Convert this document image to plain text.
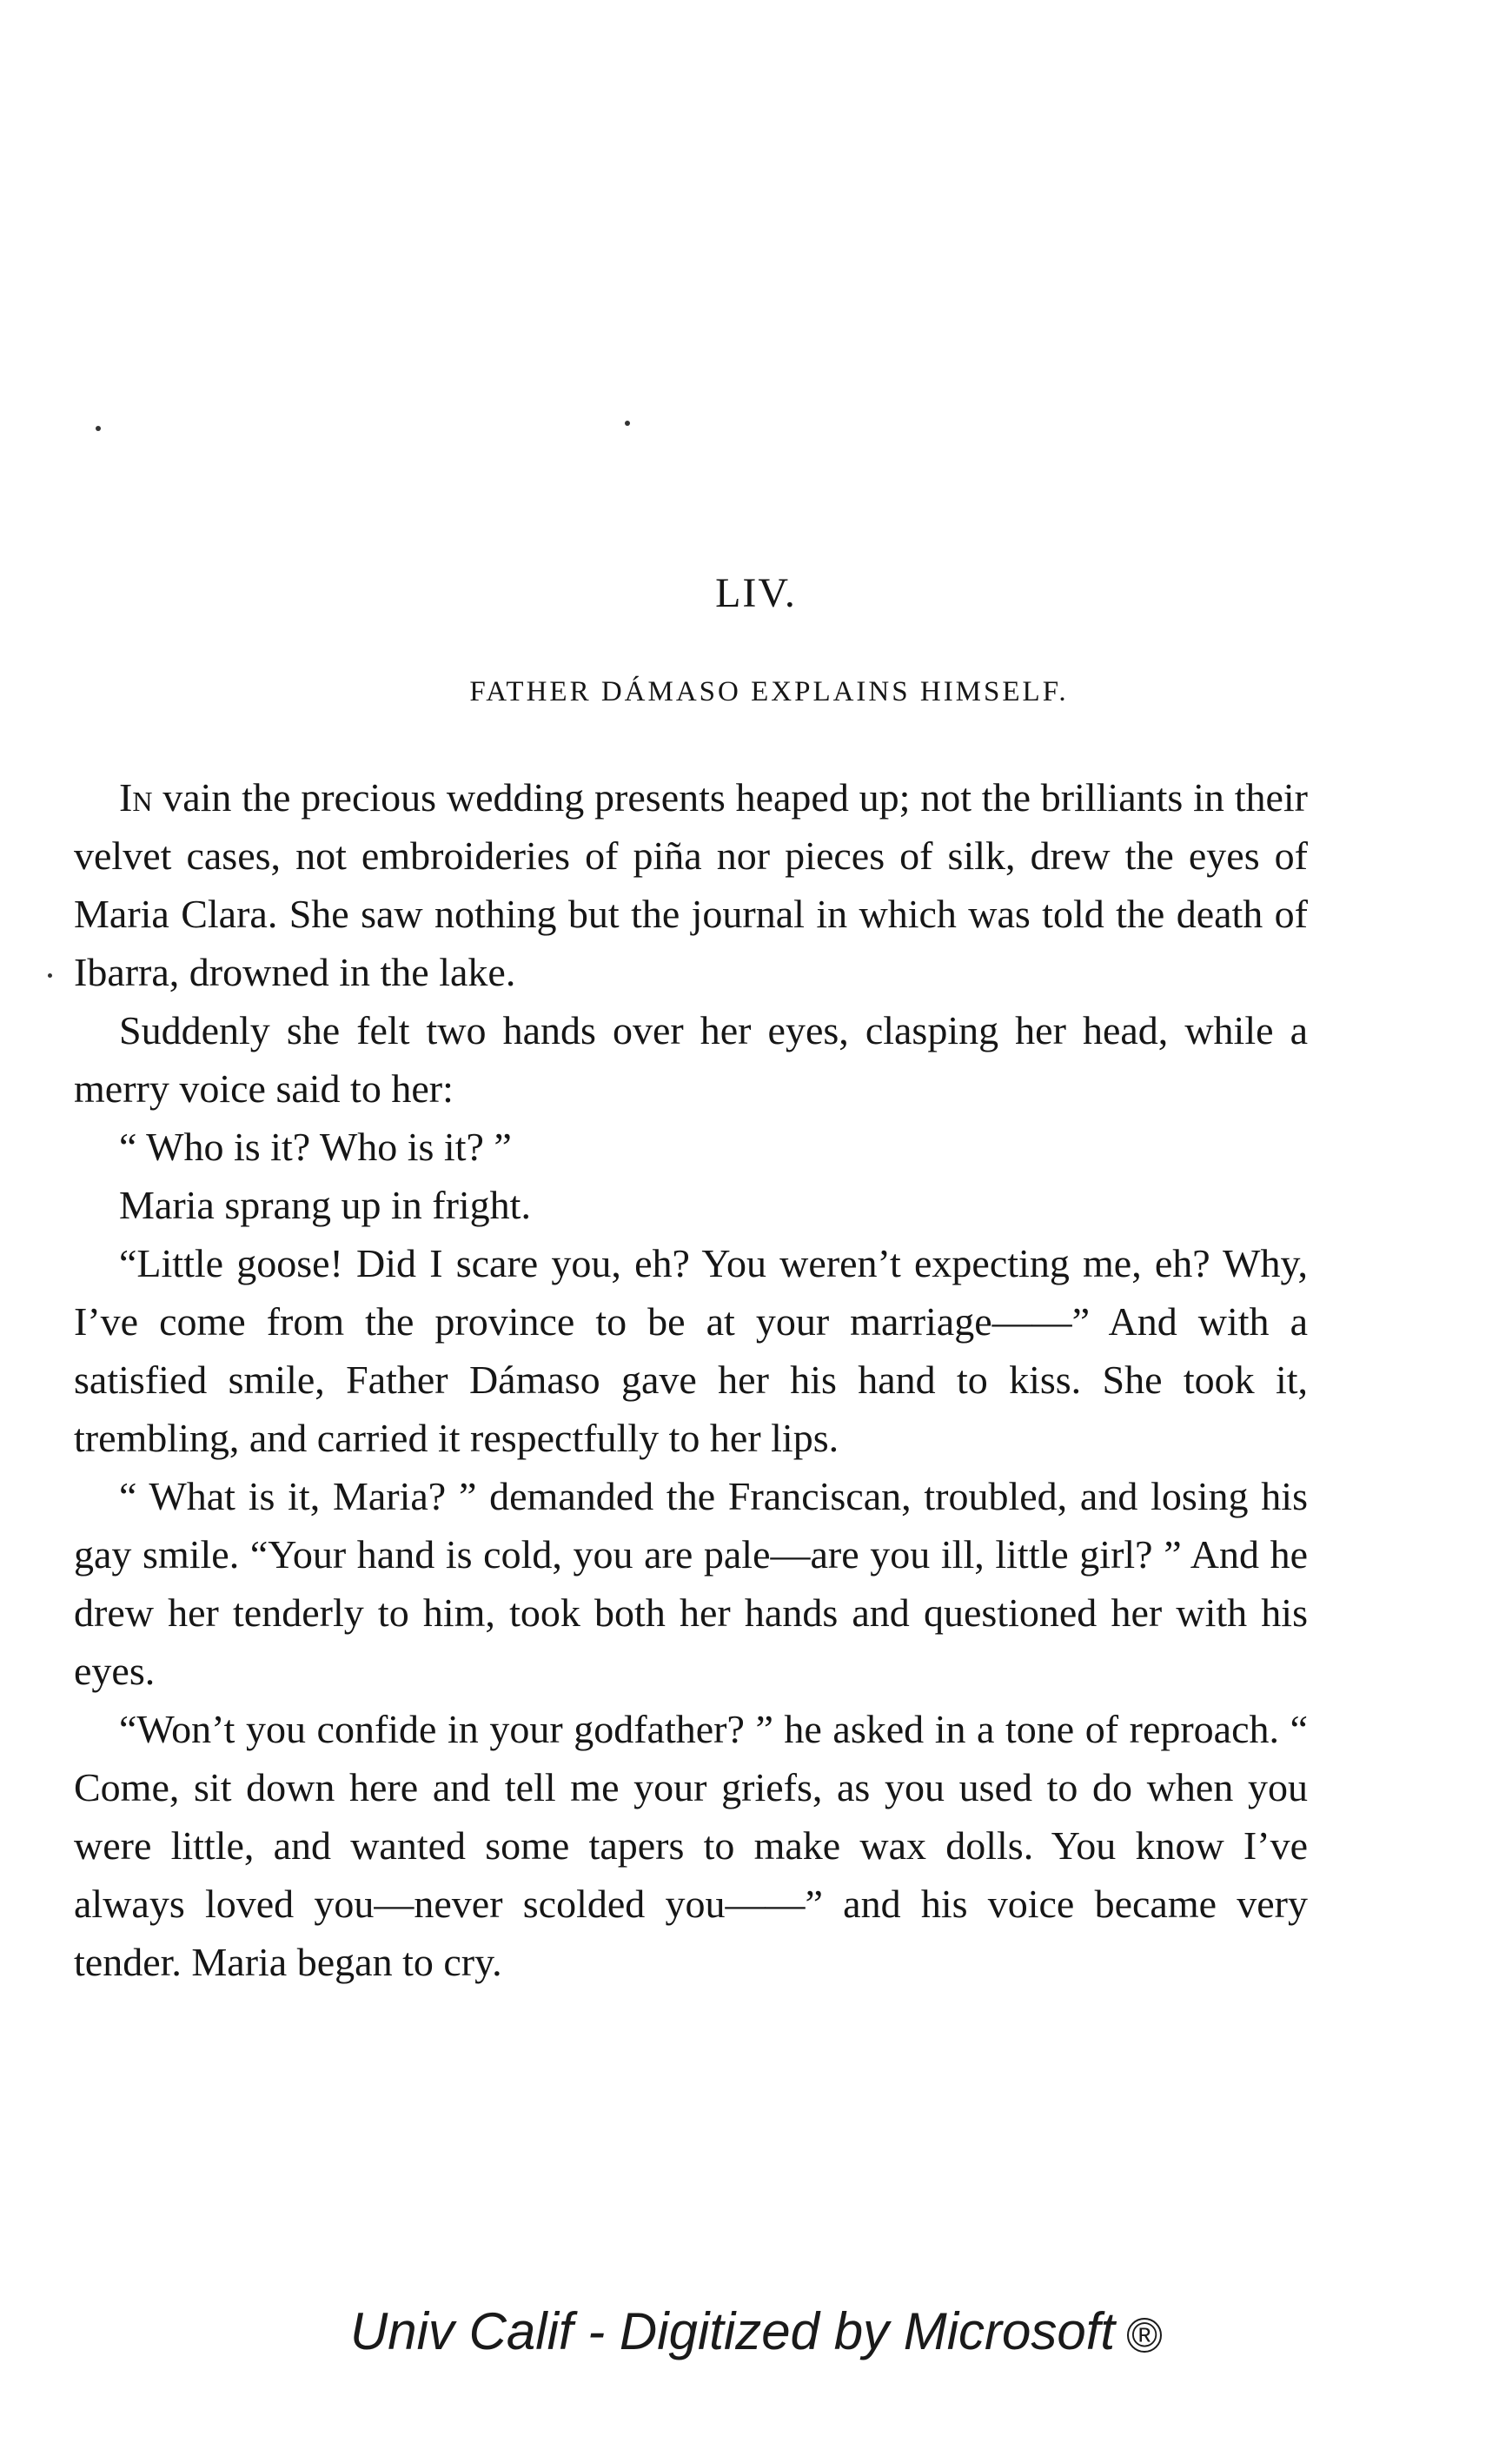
LIV.
FATHER DÁMASO EXPLAINS HIMSELF.

In vain the precious wedding presents heaped up; not the brilliants in their velvet cases, not embroideries of piña nor pieces of silk, drew the eyes of Maria Clara. She saw nothing but the journal in which was told the death of Ibarra, drowned in the lake.

Suddenly she felt two hands over her eyes, clasping her head, while a merry voice said to her:

“ Who is it? Who is it? ”

Maria sprang up in fright.

“Little goose! Did I scare you, eh? You weren’t expecting me, eh? Why, I’ve come from the province to be at your marriage——” And with a satisfied smile, Father Dámaso gave her his hand to kiss. She took it, trembling, and carried it respectfully to her lips.

“ What is it, Maria? ” demanded the Franciscan, troubled, and losing his gay smile. “Your hand is cold, you are pale—are you ill, little girl? ” And he drew her tenderly to him, took both her hands and questioned her with his eyes.

“Won’t you confide in your godfather? ” he asked in a tone of reproach. “ Come, sit down here and tell me your griefs, as you used to do when you were little, and wanted some tapers to make wax dolls. You know I’ve always loved you—never scolded you——” and his voice became very tender. Maria began to cry.

Univ Calif - Digitized by Microsoft ®
